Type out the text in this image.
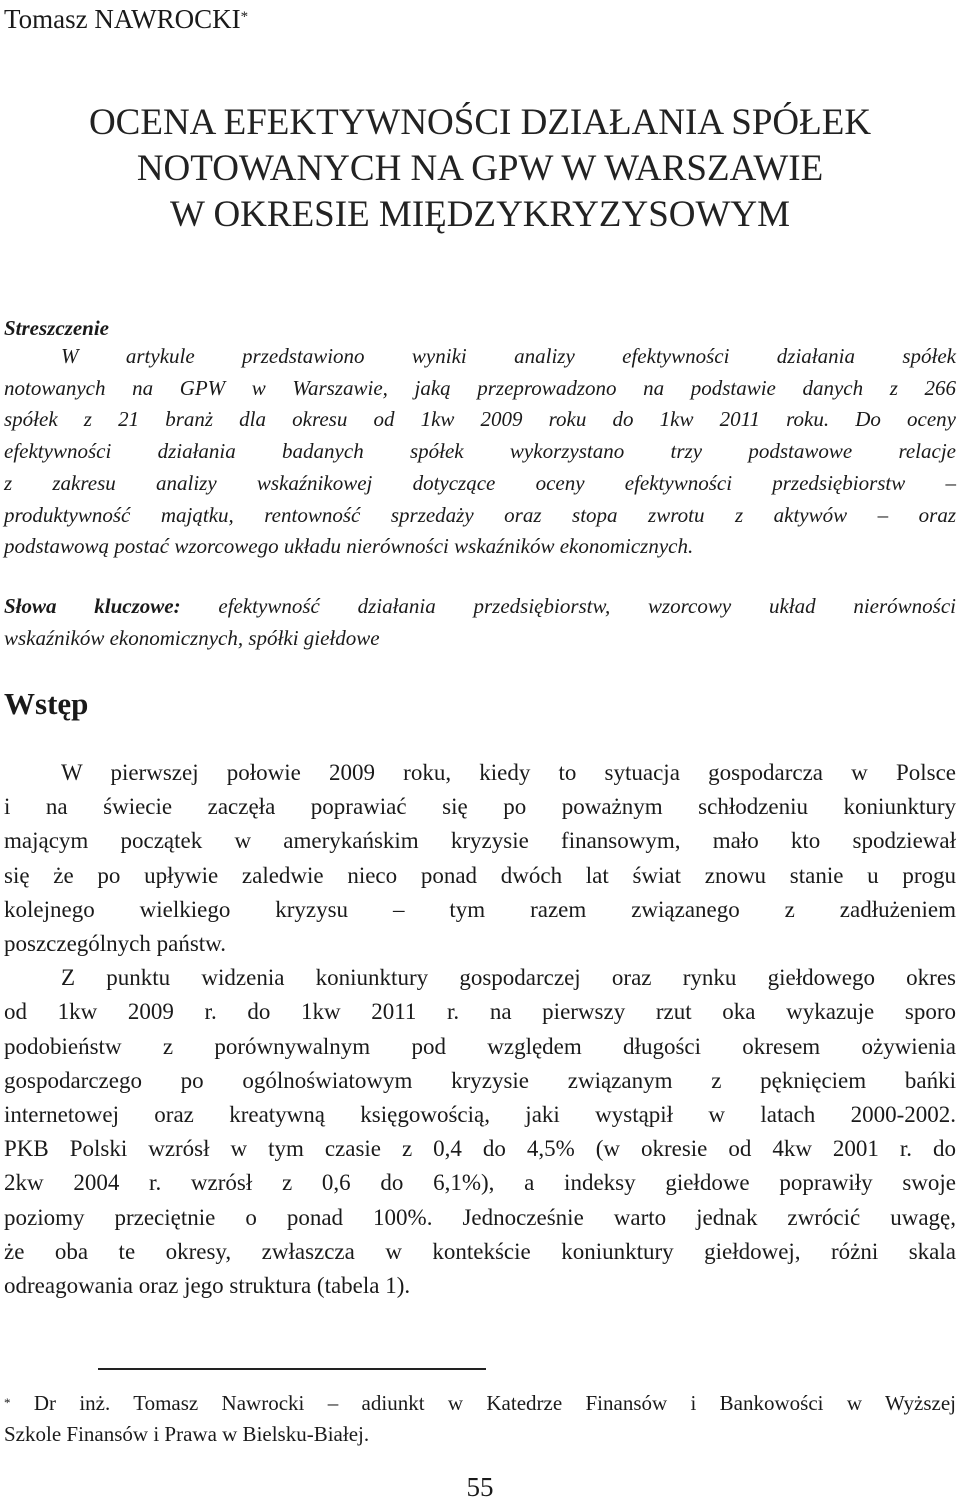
Tomasz NAWROCKI*
OCENA EFEKTYWNOŚCI DZIAŁANIA SPÓŁEK
NOTOWANYCH NA GPW W WARSZAWIE
W OKRESIE MIĘDZYKRYZYSOWYM
Streszczenie
W artykule przedstawiono wyniki analizy efektywności działania spółek
notowanych na GPW w Warszawie, jaką przeprowadzono na podstawie danych z 266
spółek z 21 branż dla okresu od 1kw 2009 roku do 1kw 2011 roku. Do oceny
efektywności działania badanych spółek wykorzystano trzy podstawowe relacje
z zakresu analizy wskaźnikowej dotyczące oceny efektywności przedsiębiorstw –
produktywność majątku, rentowność sprzedaży oraz stopa zwrotu z aktywów – oraz
podstawową postać wzorcowego układu nierówności wskaźników ekonomicznych.
Słowa kluczowe: efektywność działania przedsiębiorstw, wzorcowy układ nierówności
wskaźników ekonomicznych, spółki giełdowe
Wstęp
W pierwszej połowie 2009 roku, kiedy to sytuacja gospodarcza w Polsce
i na świecie zaczęła poprawiać się po poważnym schłodzeniu koniunktury
mającym początek w amerykańskim kryzysie finansowym, mało kto spodziewał
się że po upływie zaledwie nieco ponad dwóch lat świat znowu stanie u progu
kolejnego wielkiego kryzysu – tym razem związanego z zadłużeniem
poszczególnych państw.
Z punktu widzenia koniunktury gospodarczej oraz rynku giełdowego okres
od 1kw 2009 r. do 1kw 2011 r. na pierwszy rzut oka wykazuje sporo
podobieństw z porównywalnym pod względem długości okresem ożywienia
gospodarczego po ogólnoświatowym kryzysie związanym z pęknięciem bańki
internetowej oraz kreatywną księgowością, jaki wystąpił w latach 2000-2002.
PKB Polski wzrósł w tym czasie z 0,4 do 4,5% (w okresie od 4kw 2001 r. do
2kw 2004 r. wzrósł z 0,6 do 6,1%), a indeksy giełdowe poprawiły swoje
poziomy przeciętnie o ponad 100%. Jednocześnie warto jednak zwrócić uwagę,
że oba te okresy, zwłaszcza w kontekście koniunktury giełdowej, różni skala
odreagowania oraz jego struktura (tabela 1).
* Dr inż. Tomasz Nawrocki – adiunkt w Katedrze Finansów i Bankowości w Wyższej
Szkole Finansów i Prawa w Bielsku-Białej.
55
